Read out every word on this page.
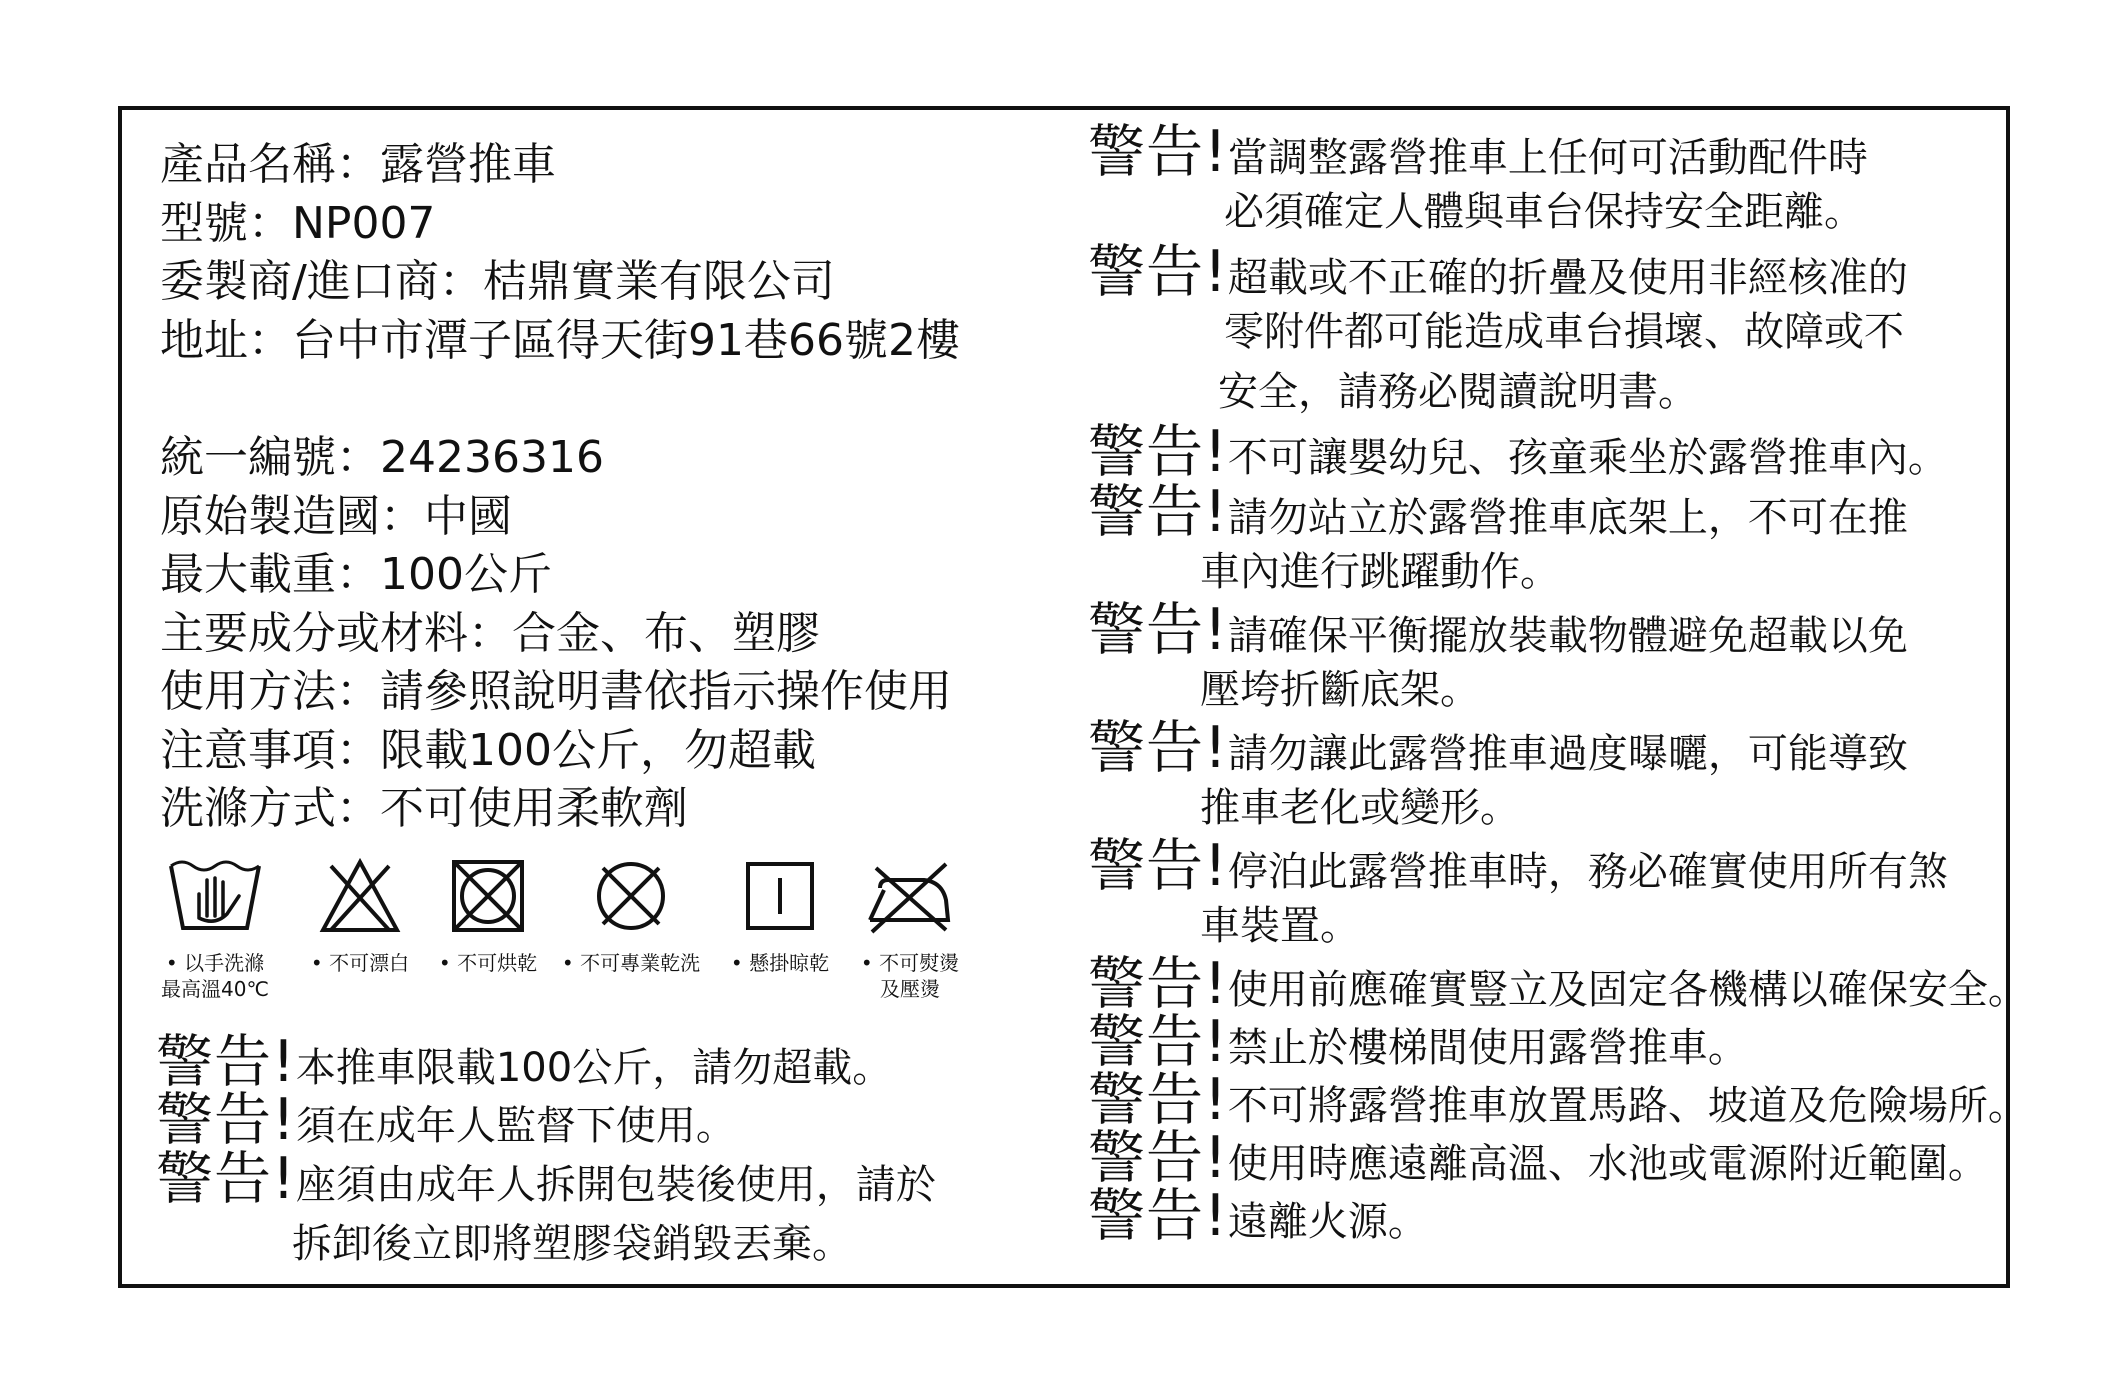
產品名稱：露營推車
型號：NP007
委製商/進口商：桔鼎實業有限公司
地址：台中市潭子區得天街91巷66號2樓
統一編號：24236316
原始製造國：中國
最大載重：100公斤
主要成分或材料：合金、布、塑膠
使用方法：請參照說明書依指示操作使用
注意事項：限載100公斤，勿超載
洗滌方式：不可使用柔軟劑
• 以手洗滌
最高溫40℃
• 不可漂白	• 不可烘乾	• 不可專業乾洗	• 懸掛晾乾	• 不可熨燙
及壓燙
警告!本推車限載100公斤，請勿超載。
警告!須在成年人監督下使用。
警告!座須由成年人拆開包裝後使用，請於
拆卸後立即將塑膠袋銷毀丟棄。
警告!當調整露營推車上任何可活動配件時
必須確定人體與車台保持安全距離。
警告!超載或不正確的折疊及使用非經核准的
零附件都可能造成車台損壞、故障或不
安全，請務必閱讀說明書。
警告!不可讓嬰幼兒、孩童乘坐於露營推車內。
警告!請勿站立於露營推車底架上，不可在推
車內進行跳躍動作。
警告!請確保平衡擺放裝載物體避免超載以免
壓垮折斷底架。
警告!請勿讓此露營推車過度曝曬，可能導致
推車老化或變形。
警告!停泊此露營推車時，務必確實使用所有煞
車裝置。
警告!使用前應確實豎立及固定各機構以確保安全。
警告!禁止於樓梯間使用露營推車。
警告!不可將露營推車放置馬路、坡道及危險場所。
警告!使用時應遠離高溫、水池或電源附近範圍。
警告!遠離火源。
